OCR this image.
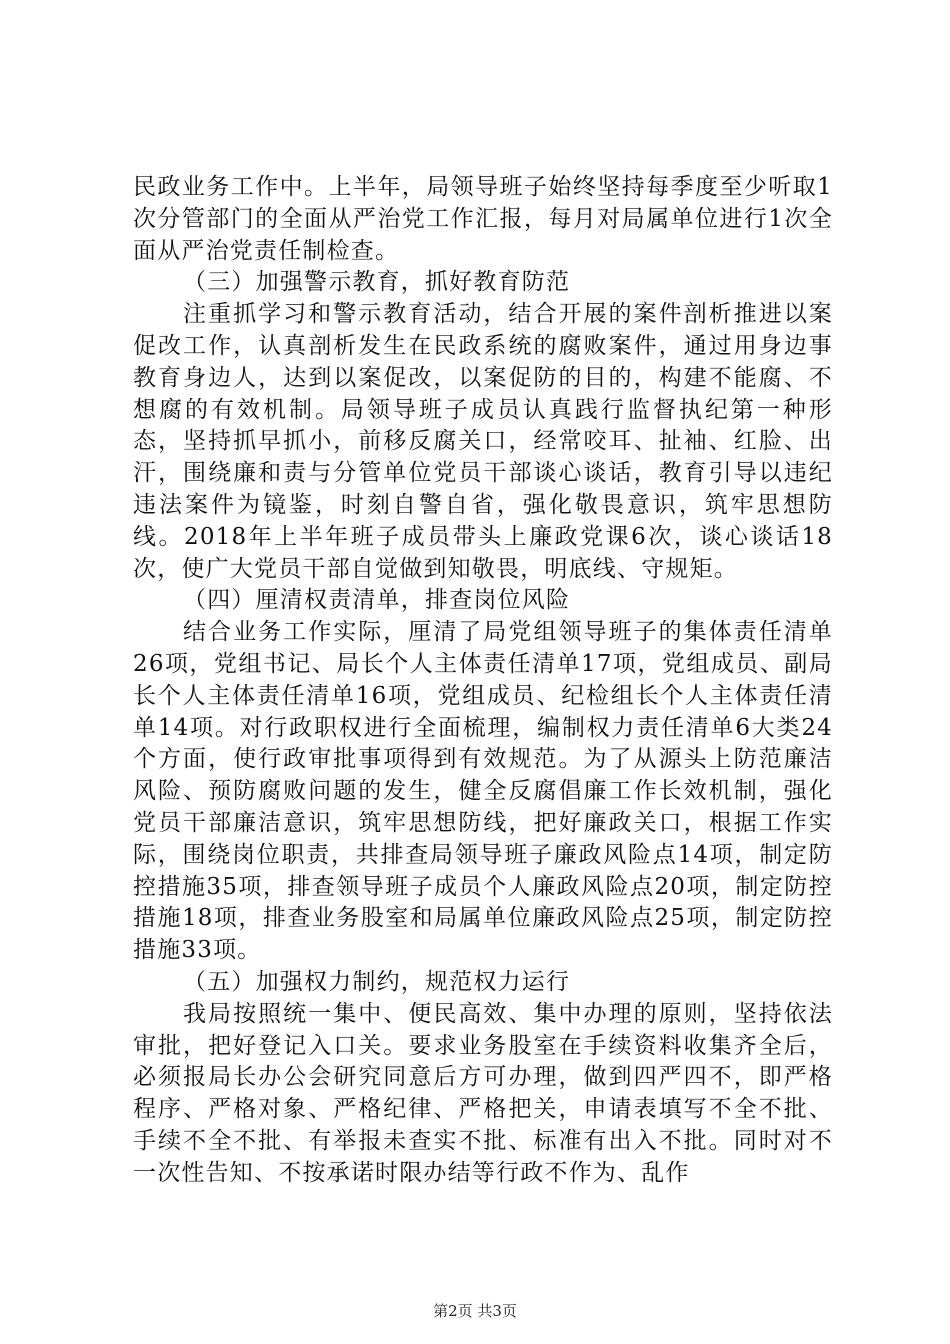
民政业务工作中。上半年，局领导班子始终坚持每季度至少听取1次分管部门的全面从严治党工作汇报，每月对局属单位进行1次全面从严治党责任制检查。

（三）加强警示教育，抓好教育防范

注重抓学习和警示教育活动，结合开展的案件剖析推进以案促改工作，认真剖析发生在民政系统的腐败案件，通过用身边事教育身边人，达到以案促改，以案促防的目的，构建不能腐、不想腐的有效机制。局领导班子成员认真践行监督执纪第一种形态，坚持抓早抓小，前移反腐关口，经常咬耳、扯袖、红脸、出汗，围绕廉和责与分管单位党员干部谈心谈话，教育引导以违纪违法案件为镜鉴，时刻自警自省，强化敬畏意识，筑牢思想防线。2018年上半年班子成员带头上廉政党课6次，谈心谈话18次，使广大党员干部自觉做到知敬畏，明底线、守规矩。

（四）厘清权责清单，排查岗位风险

结合业务工作实际，厘清了局党组领导班子的集体责任清单26项，党组书记、局长个人主体责任清单17项，党组成员、副局长个人主体责任清单16项，党组成员、纪检组长个人主体责任清单14项。对行政职权进行全面梳理，编制权力责任清单6大类24个方面，使行政审批事项得到有效规范。为了从源头上防范廉洁风险、预防腐败问题的发生，健全反腐倡廉工作长效机制，强化党员干部廉洁意识，筑牢思想防线，把好廉政关口，根据工作实际，围绕岗位职责，共排查局领导班子廉政风险点14项，制定防控措施35项，排查领导班子成员个人廉政风险点20项，制定防控措施18项，排查业务股室和局属单位廉政风险点25项，制定防控措施33项。

（五）加强权力制约，规范权力运行

我局按照统一集中、便民高效、集中办理的原则，坚持依法审批，把好登记入口关。要求业务股室在手续资料收集齐全后，必须报局长办公会研究同意后方可办理，做到四严四不，即严格程序、严格对象、严格纪律、严格把关，申请表填写不全不批、手续不全不批、有举报未查实不批、标准有出入不批。同时对不一次性告知、不按承诺时限办结等行政不作为、乱作

第2页 共3页
